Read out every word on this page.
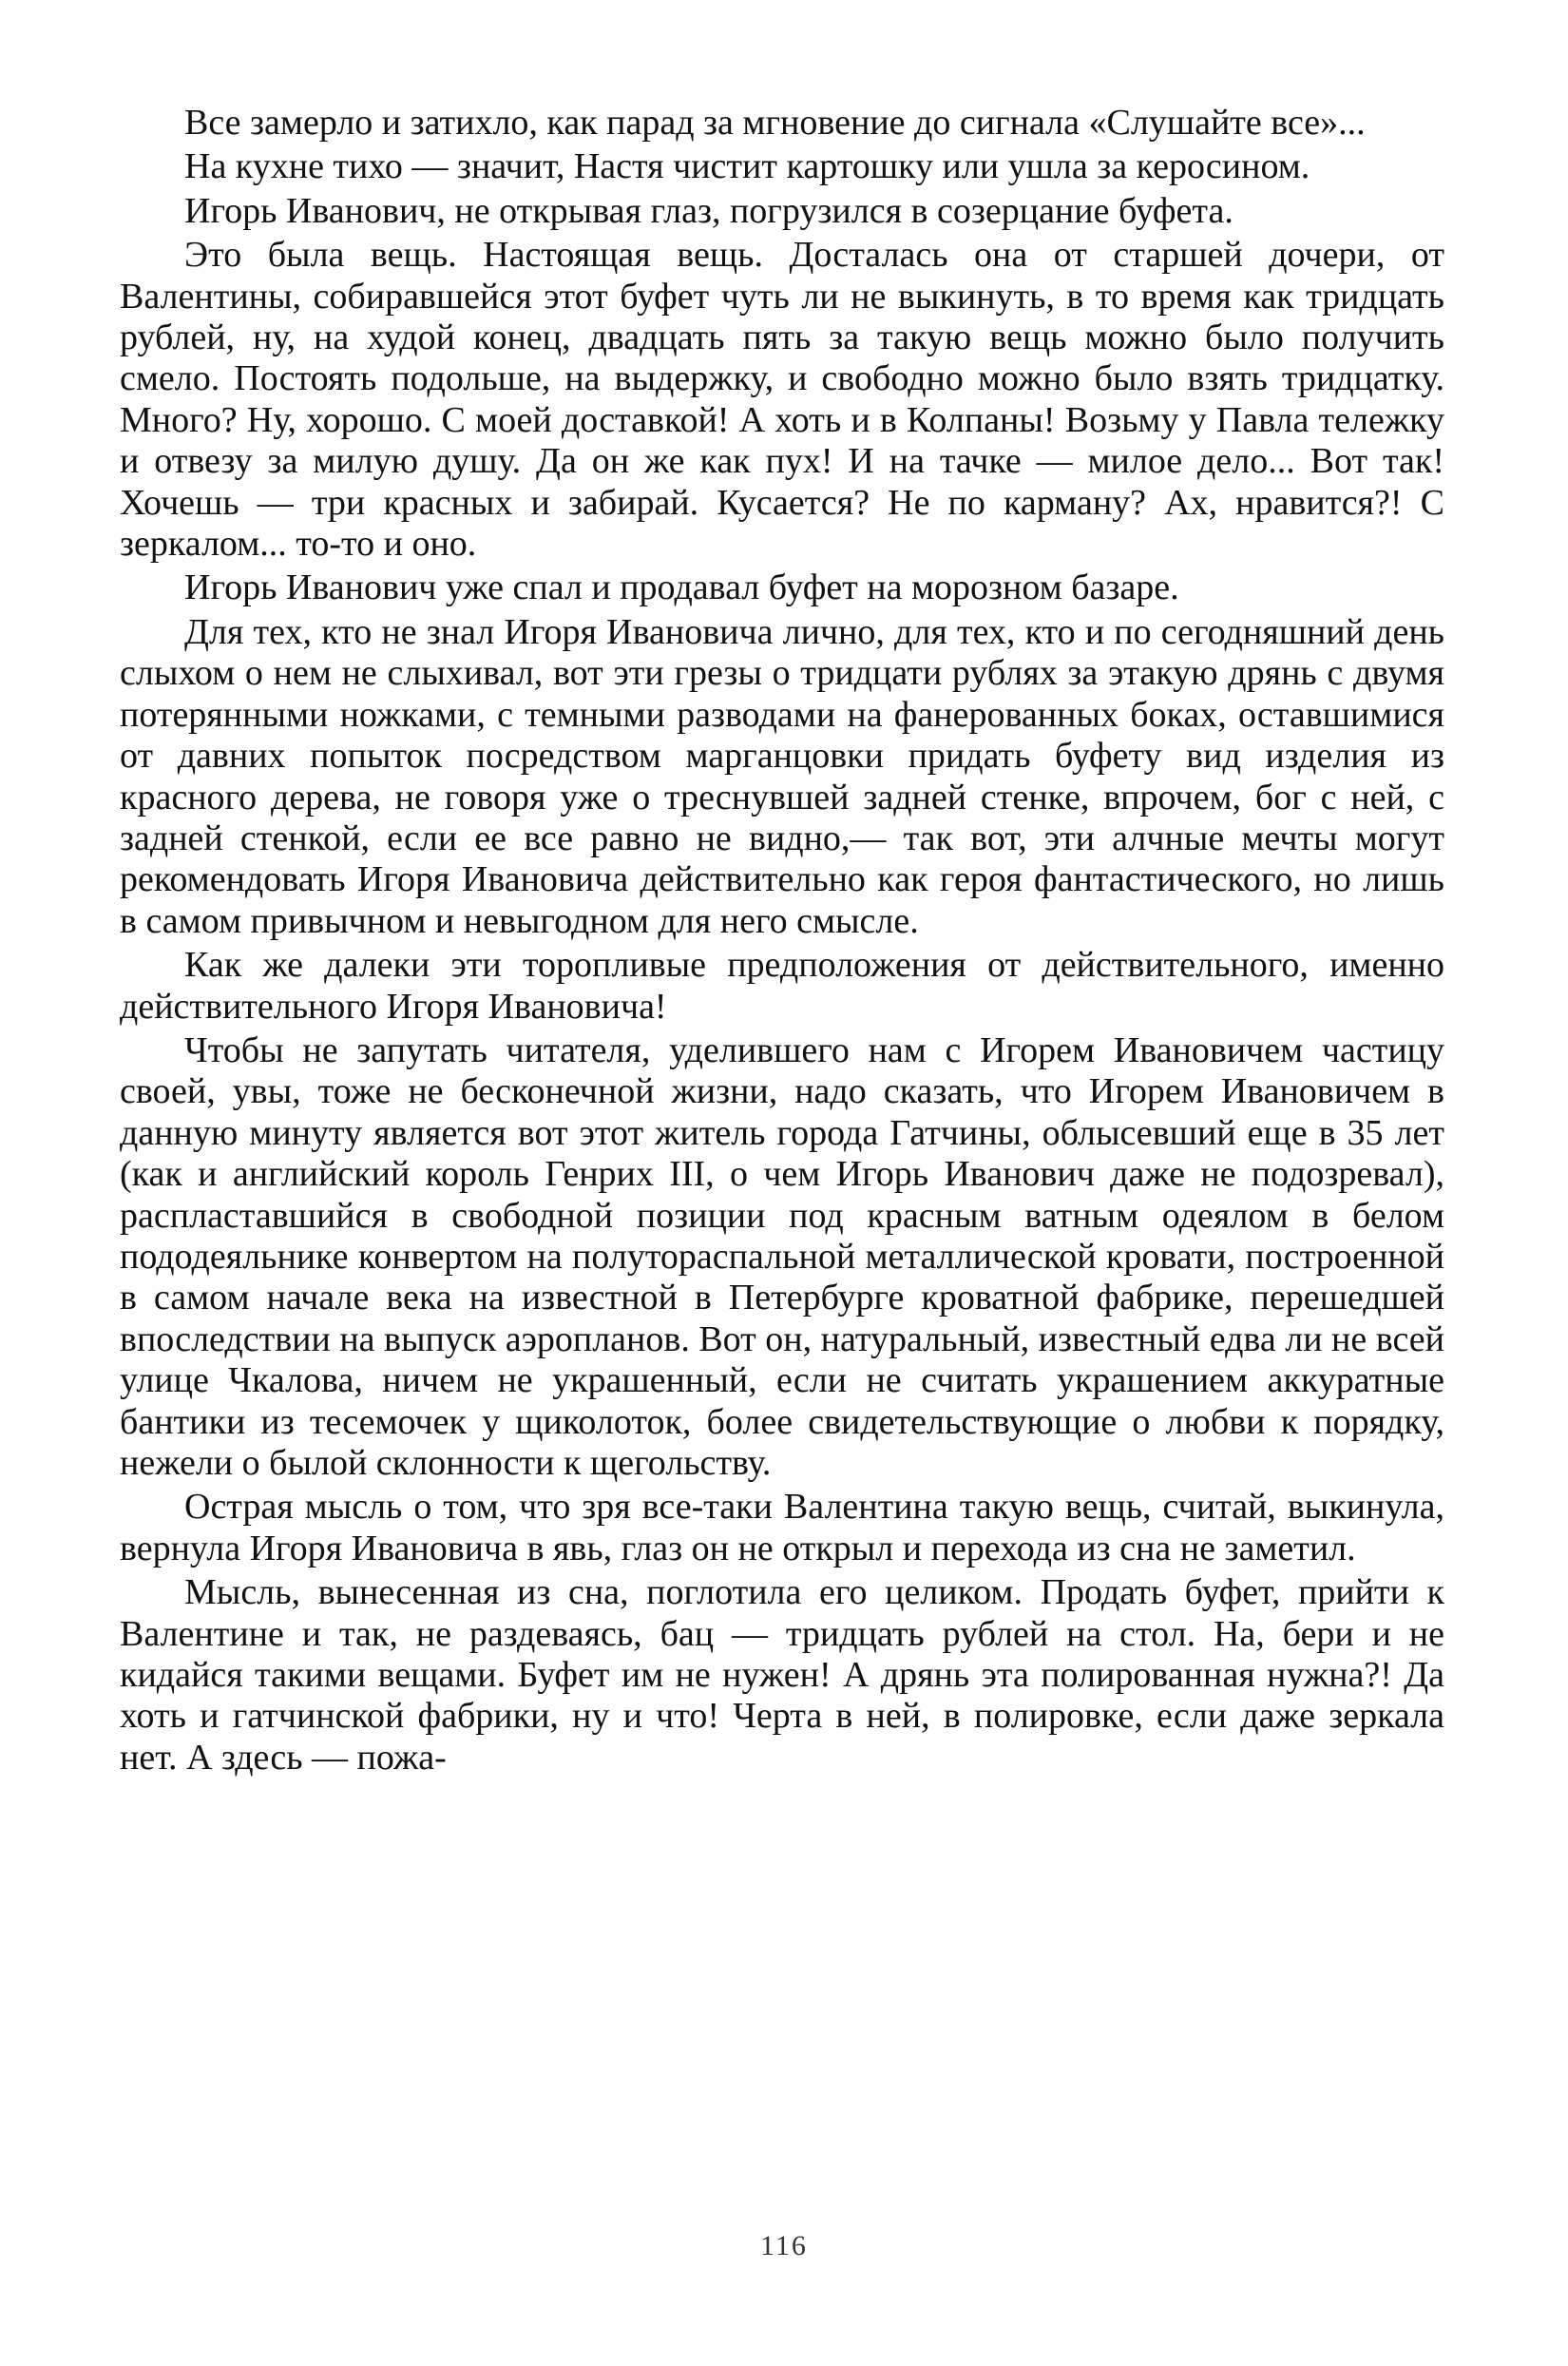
Все замерло и затихло, как парад за мгновение до сигнала «Слушайте все»...

На кухне тихо — значит, Настя чистит картошку или ушла за керосином.

Игорь Иванович, не открывая глаз, погрузился в созерцание буфета.

Это была вещь. Настоящая вещь. Досталась она от старшей дочери, от Валентины, собиравшейся этот буфет чуть ли не выкинуть, в то время как тридцать рублей, ну, на худой конец, двадцать пять за такую вещь можно было получить смело. Постоять подольше, на выдержку, и свободно можно было взять тридцатку. Много? Ну, хорошо. С моей доставкой! А хоть и в Колпаны! Возьму у Павла тележку и отвезу за милую душу. Да он же как пух! И на тачке — милое дело... Вот так! Хочешь — три красных и забирай. Кусается? Не по карману? Ах, нравится?! С зеркалом... то-то и оно.

Игорь Иванович уже спал и продавал буфет на морозном базаре.

Для тех, кто не знал Игоря Ивановича лично, для тех, кто и по сегодняшний день слыхом о нем не слыхивал, вот эти грезы о тридцати рублях за этакую дрянь с двумя потерянными ножками, с темными разводами на фанерованных боках, оставшимися от давних попыток посредством марганцовки придать буфету вид изделия из красного дерева, не говоря уже о треснувшей задней стенке, впрочем, бог с ней, с задней стенкой, если ее все равно не видно,— так вот, эти алчные мечты могут рекомендовать Игоря Ивановича действительно как героя фантастического, но лишь в самом привычном и невыгодном для него смысле.

Как же далеки эти торопливые предположения от действительного, именно действительного Игоря Ивановича!

Чтобы не запутать читателя, уделившего нам с Игорем Ивановичем частицу своей, увы, тоже не бесконечной жизни, надо сказать, что Игорем Ивановичем в данную минуту является вот этот житель города Гатчины, облысевший еще в 35 лет (как и английский король Генрих III, о чем Игорь Иванович даже не подозревал), распластавшийся в свободной позиции под красным ватным одеялом в белом пододеяльнике конвертом на полутораспальной металлической кровати, построенной в самом начале века на известной в Петербурге кроватной фабрике, перешедшей впоследствии на выпуск аэропланов. Вот он, натуральный, известный едва ли не всей улице Чкалова, ничем не украшенный, если не считать украшением аккуратные бантики из тесемочек у щиколоток, более свидетельствующие о любви к порядку, нежели о былой склонности к щегольству.

Острая мысль о том, что зря все-таки Валентина такую вещь, считай, выкинула, вернула Игоря Ивановича в явь, глаз он не открыл и перехода из сна не заметил.

Мысль, вынесенная из сна, поглотила его целиком. Продать буфет, прийти к Валентине и так, не раздеваясь, бац — тридцать рублей на стол. На, бери и не кидайся такими вещами. Буфет им не нужен! А дрянь эта полированная нужна?! Да хоть и гатчинской фабрики, ну и что! Черта в ней, в полировке, если даже зеркала нет. А здесь — пожа-

116
